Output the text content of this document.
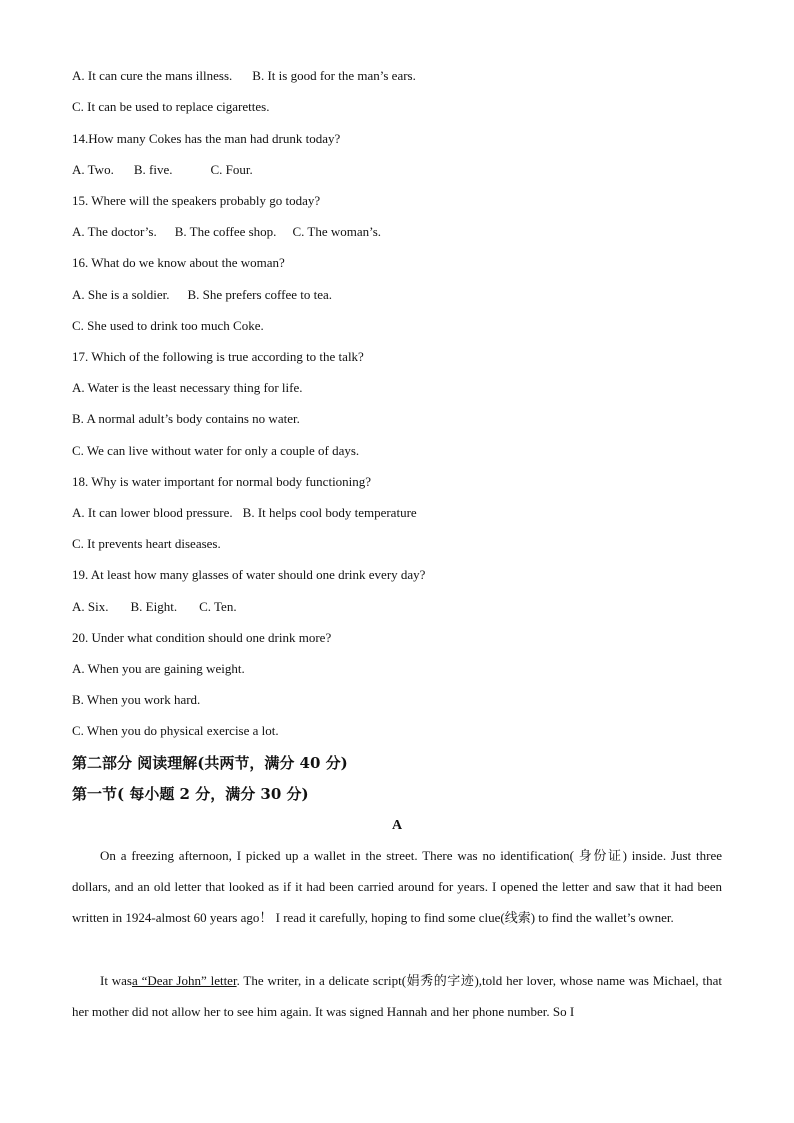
A. It can cure the mans illness. B. It is good for the man’s ears.
C. It can be used to replace cigarettes.
14.How many Cokes has the man had drunk today?
A. Two. B. five.	C. Four.
15. Where will the speakers probably go today?
A. The doctor’s. B. The coffee shop. C. The woman’s.
16. What do we know about the woman?
A. She is a soldier. B. She prefers coffee to tea.
C. She used to drink too much Coke.
17. Which of the following is true according to the talk?
A. Water is the least necessary thing for life.
B. A normal adult’s body contains no water.
C. We can live without water for only a couple of days.
18. Why is water important for normal body functioning?
A. It can lower blood pressure. B. It helps cool body temperature
C. It prevents heart diseases.
19. At least how many glasses of water should one drink every day?
A. Six. B. Eight. C. Ten.
20. Under what condition should one drink more?
A. When you are gaining weight.
B. When you work hard.
C. When you do physical exercise a lot.
第二部分 阅读理解(共两节，满分 40 分)
第一节( 每小题 2 分，满分 30 分)
A
On a freezing afternoon, I picked up a wallet in the street. There was no identification( 身份证) inside. Just three dollars, and an old letter that looked as if it had been carried around for years. I opened the letter and saw that it had been written in 1924-almost 60 years ago！ I read it carefully, hoping to find some clue(线索) to find the wallet’s owner.
It wasa “Dear John” letter. The writer, in a delicate script(娟秀的字迹),told her lover, whose name was Michael, that her mother did not allow her to see him again. It was signed Hannah and her phone number. So I
